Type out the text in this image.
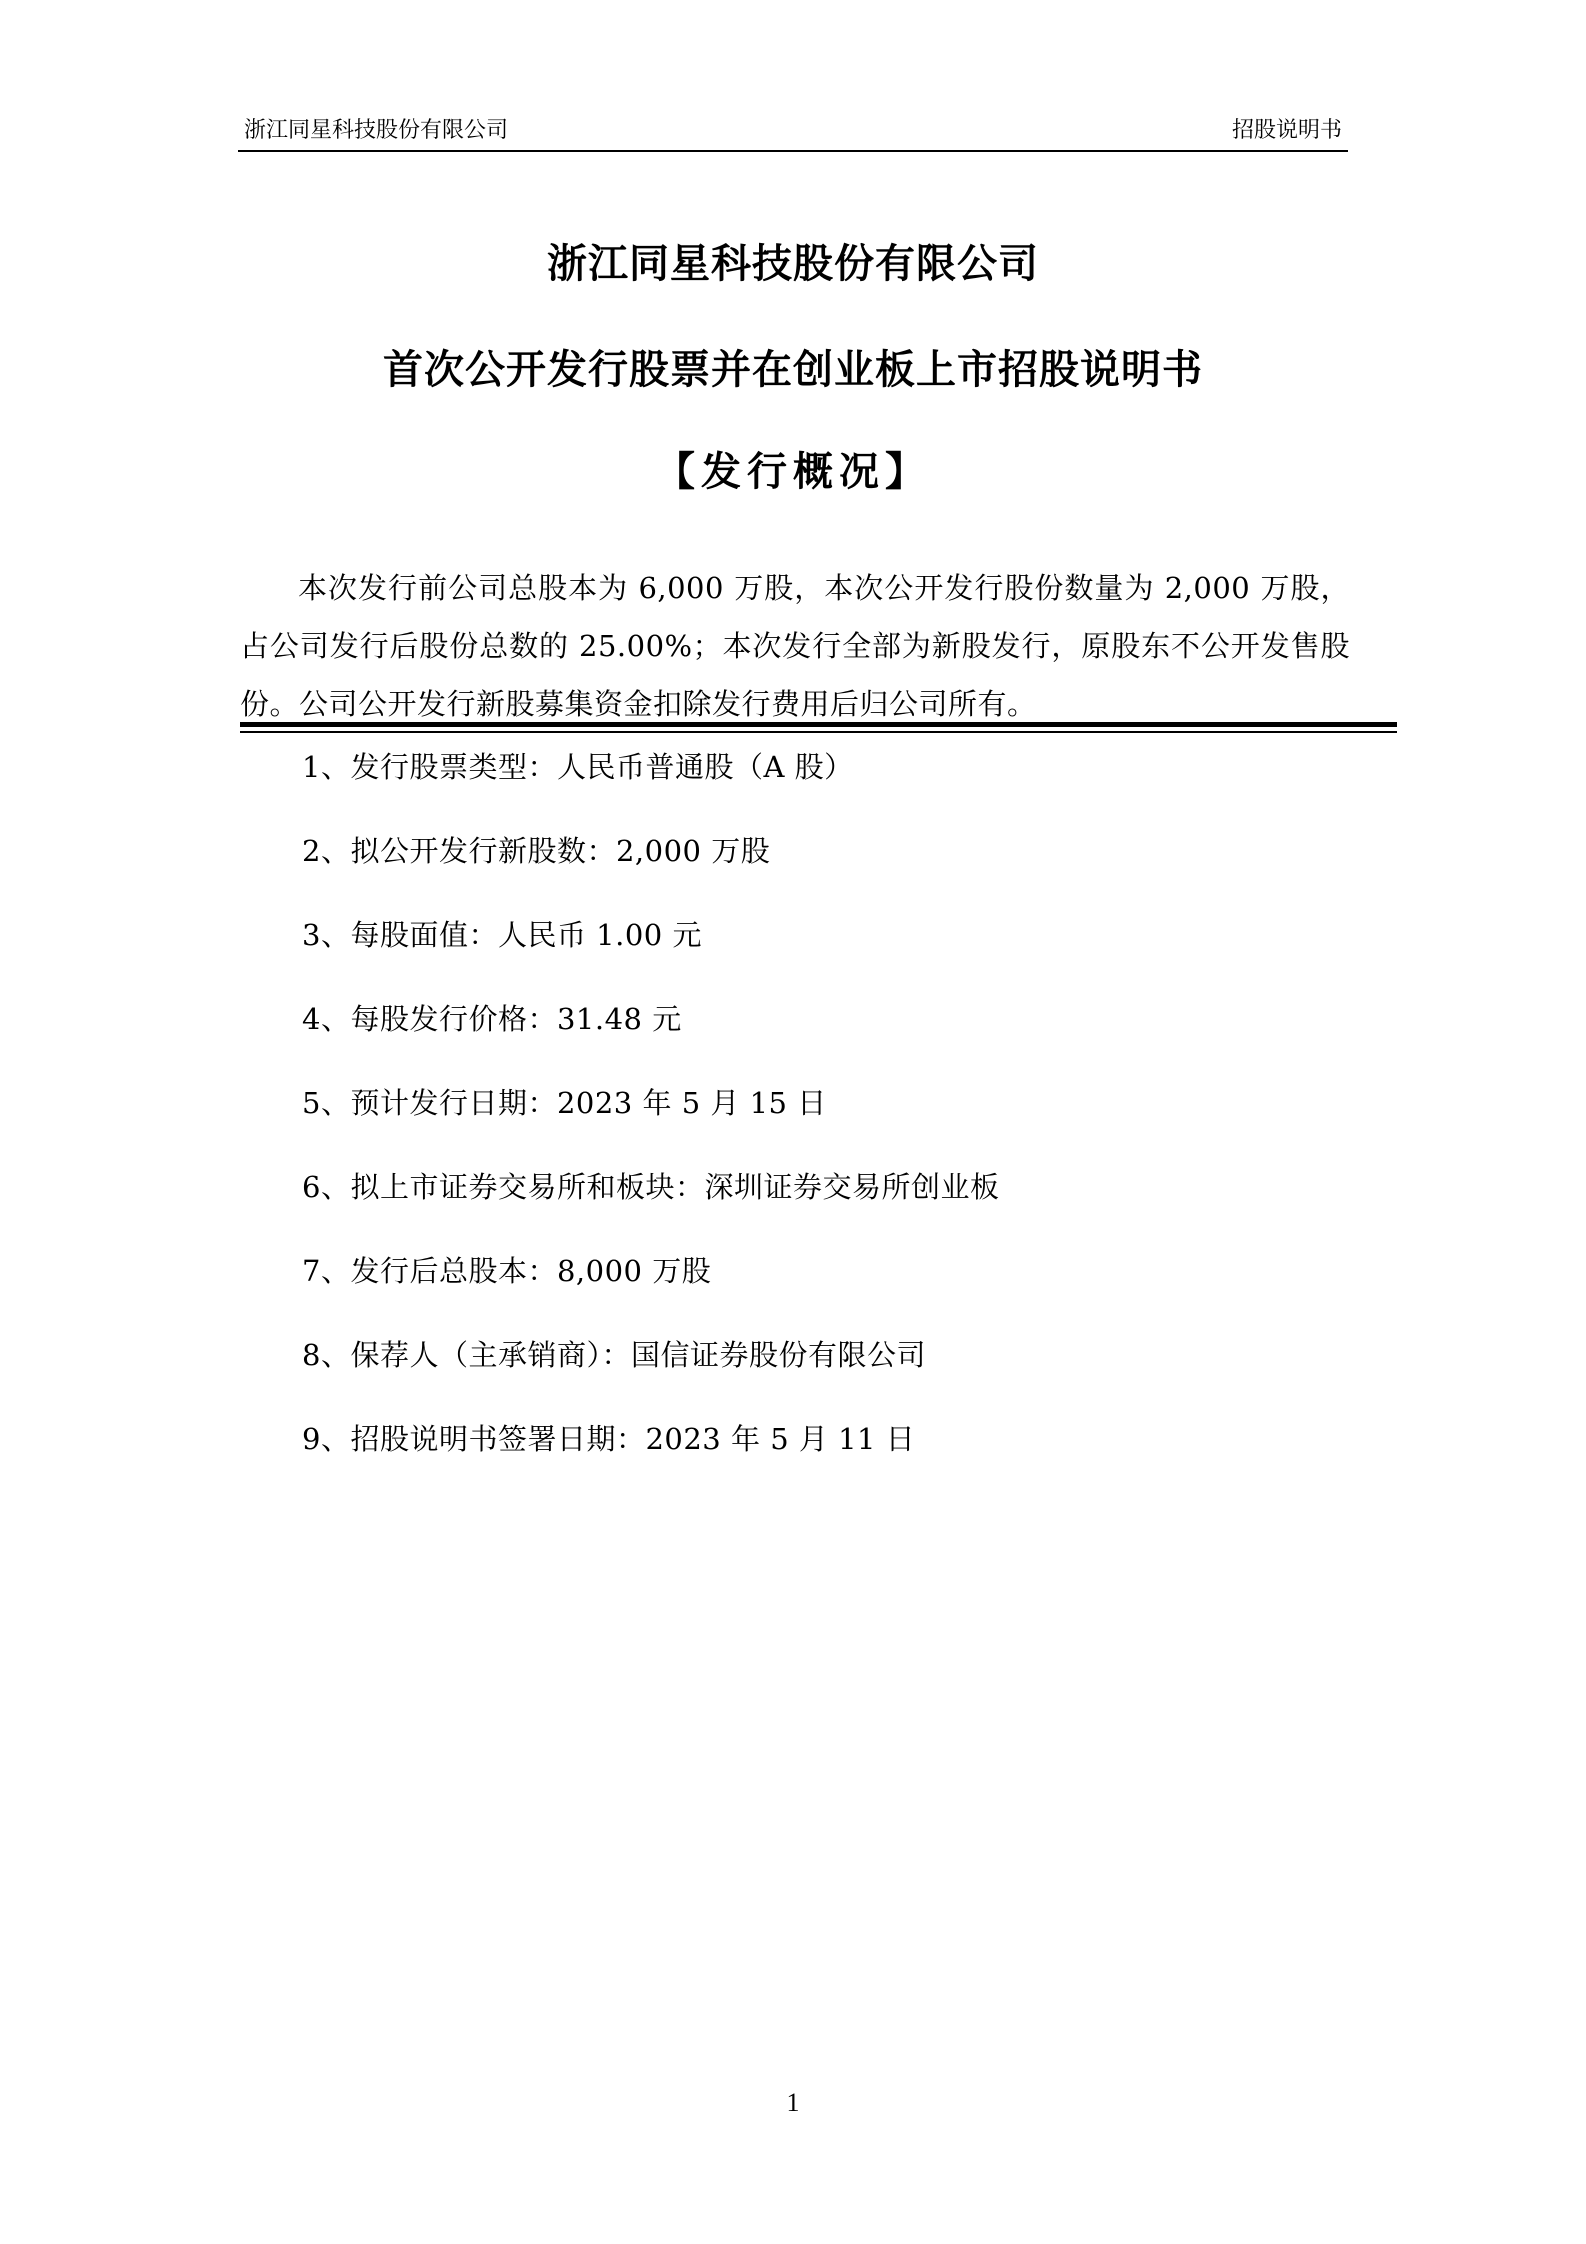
浙江同星科技股份有限公司	招股说明书
浙江同星科技股份有限公司
首次公开发行股票并在创业板上市招股说明书
【发行概况】

本次发行前公司总股本为 6,000 万股，本次公开发行股份数量为 2,000 万股，占公司发行后股份总数的 25.00%；本次发行全部为新股发行，原股东不公开发售股份。公司公开发行新股募集资金扣除发行费用后归公司所有。

1、发行股票类型：人民币普通股（A 股）
2、拟公开发行新股数：2,000 万股
3、每股面值：人民币 1.00 元
4、每股发行价格：31.48 元
5、预计发行日期：2023 年 5 月 15 日
6、拟上市证券交易所和板块：深圳证券交易所创业板
7、发行后总股本：8,000 万股
8、保荐人（主承销商）：国信证券股份有限公司
9、招股说明书签署日期：2023 年 5 月 11 日
1
